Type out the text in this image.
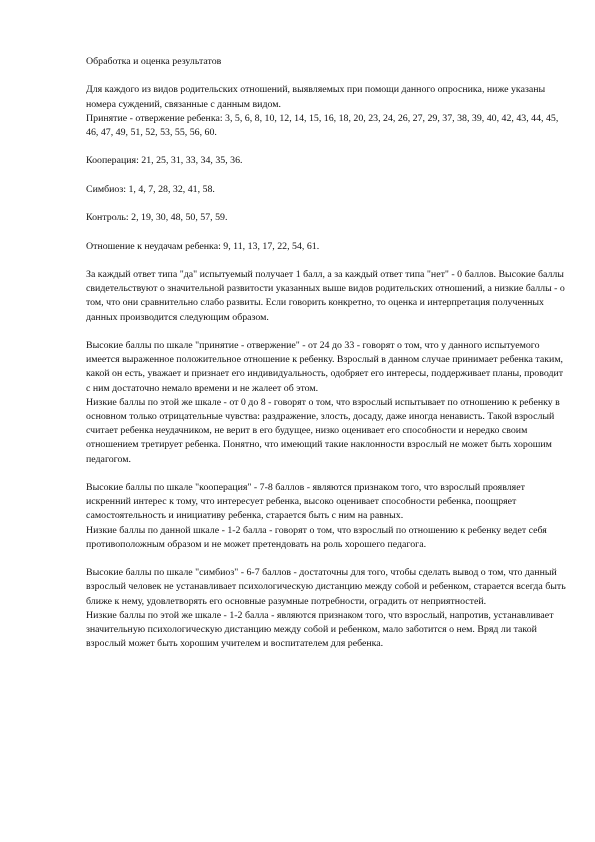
Обработка и оценка результатов

Для каждого из видов родительских отношений, выявляемых при помощи данного опросника, ниже указаны номера суждений, связанные с данным видом.

Принятие - отвержение ребенка: 3, 5, 6, 8, 10, 12, 14, 15, 16, 18, 20, 23, 24, 26, 27, 29, 37, 38, 39, 40, 42, 43, 44, 45, 46, 47, 49, 51, 52, 53, 55, 56, 60.

Кооперация: 21, 25, 31, 33, 34, 35, 36.

Симбиоз: 1, 4, 7, 28, 32, 41, 58.

Контроль: 2, 19, 30, 48, 50, 57, 59.

Отношение к неудачам ребенка: 9, 11, 13, 17, 22, 54, 61.

За каждый ответ типа "да" испытуемый получает 1 балл, а за каждый ответ типа "нет" - 0 баллов. Высокие баллы свидетельствуют о значительной развитости указанных выше видов родительских отношений, а низкие баллы - о том, что они сравнительно слабо развиты. Если говорить конкретно, то оценка и интерпретация полученных данных производится следующим образом.

Высокие баллы по шкале "принятие - отвержение" - от 24 до 33 - говорят о том, что у данного испытуемого имеется выраженное положительное отношение к ребенку. Взрослый в данном случае принимает ребенка таким, какой он есть, уважает и признает его индивидуальность, одобряет его интересы, поддерживает планы, проводит с ним достаточно немало времени и не жалеет об этом.

Низкие баллы по этой же шкале - от 0 до 8 - говорят о том, что взрослый испытывает по отношению к ребенку в основном только отрицательные чувства: раздражение, злость, досаду, даже иногда ненависть. Такой взрослый считает ребенка неудачником, не верит в его будущее, низко оценивает его способности и нередко своим отношением третирует ребенка. Понятно, что имеющий такие наклонности взрослый не может быть хорошим педагогом.

Высокие баллы по шкале "кооперация" - 7-8 баллов - являются признаком того, что взрослый проявляет искренний интерес к тому, что интересует ребенка, высоко оценивает способности ребенка, поощряет самостоятельность и инициативу ребенка, старается быть с ним на равных.

Низкие баллы по данной шкале - 1-2 балла - говорят о том, что взрослый по отношению к ребенку ведет себя противоположным образом и не может претендовать на роль хорошего педагога.

Высокие баллы по шкале "симбиоз" - 6-7 баллов - достаточны для того, чтобы сделать вывод о том, что данный взрослый человек не устанавливает психологическую дистанцию между собой и ребенком, старается всегда быть ближе к нему, удовлетворять его основные разумные потребности, оградить от неприятностей.

Низкие баллы по этой же шкале - 1-2 балла - являются признаком того, что взрослый, напротив, устанавливает значительную психологическую дистанцию между собой и ребенком, мало заботится о нем. Вряд ли такой взрослый может быть хорошим учителем и воспитателем для ребенка.
